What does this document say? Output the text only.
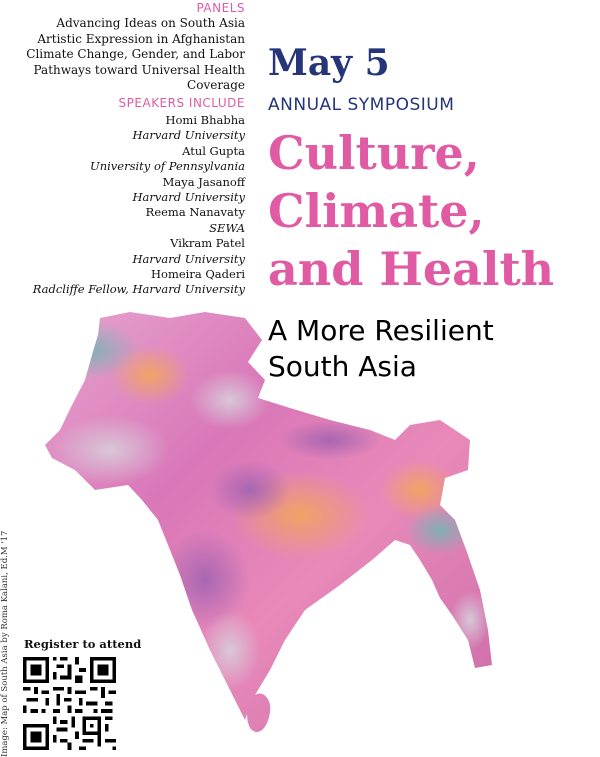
PANELS
Advancing Ideas on South Asia
Artistic Expression in Afghanistan
Climate Change, Gender, and Labor
Pathways toward Universal Health Coverage
SPEAKERS INCLUDE
Homi Bhabha
Harvard University
Atul Gupta
University of Pennsylvania
Maya Jasanoff
Harvard University
Reema Nanavaty
SEWA
Vikram Patel
Harvard University
Homeira Qaderi
Radcliffe Fellow, Harvard University
May 5
ANNUAL SYMPOSIUM
Culture,
Climate,
and Health
A More Resilient
South Asia
Register to attend
Image: Map of South Asia by Roma Kalani, Ed.M '17
